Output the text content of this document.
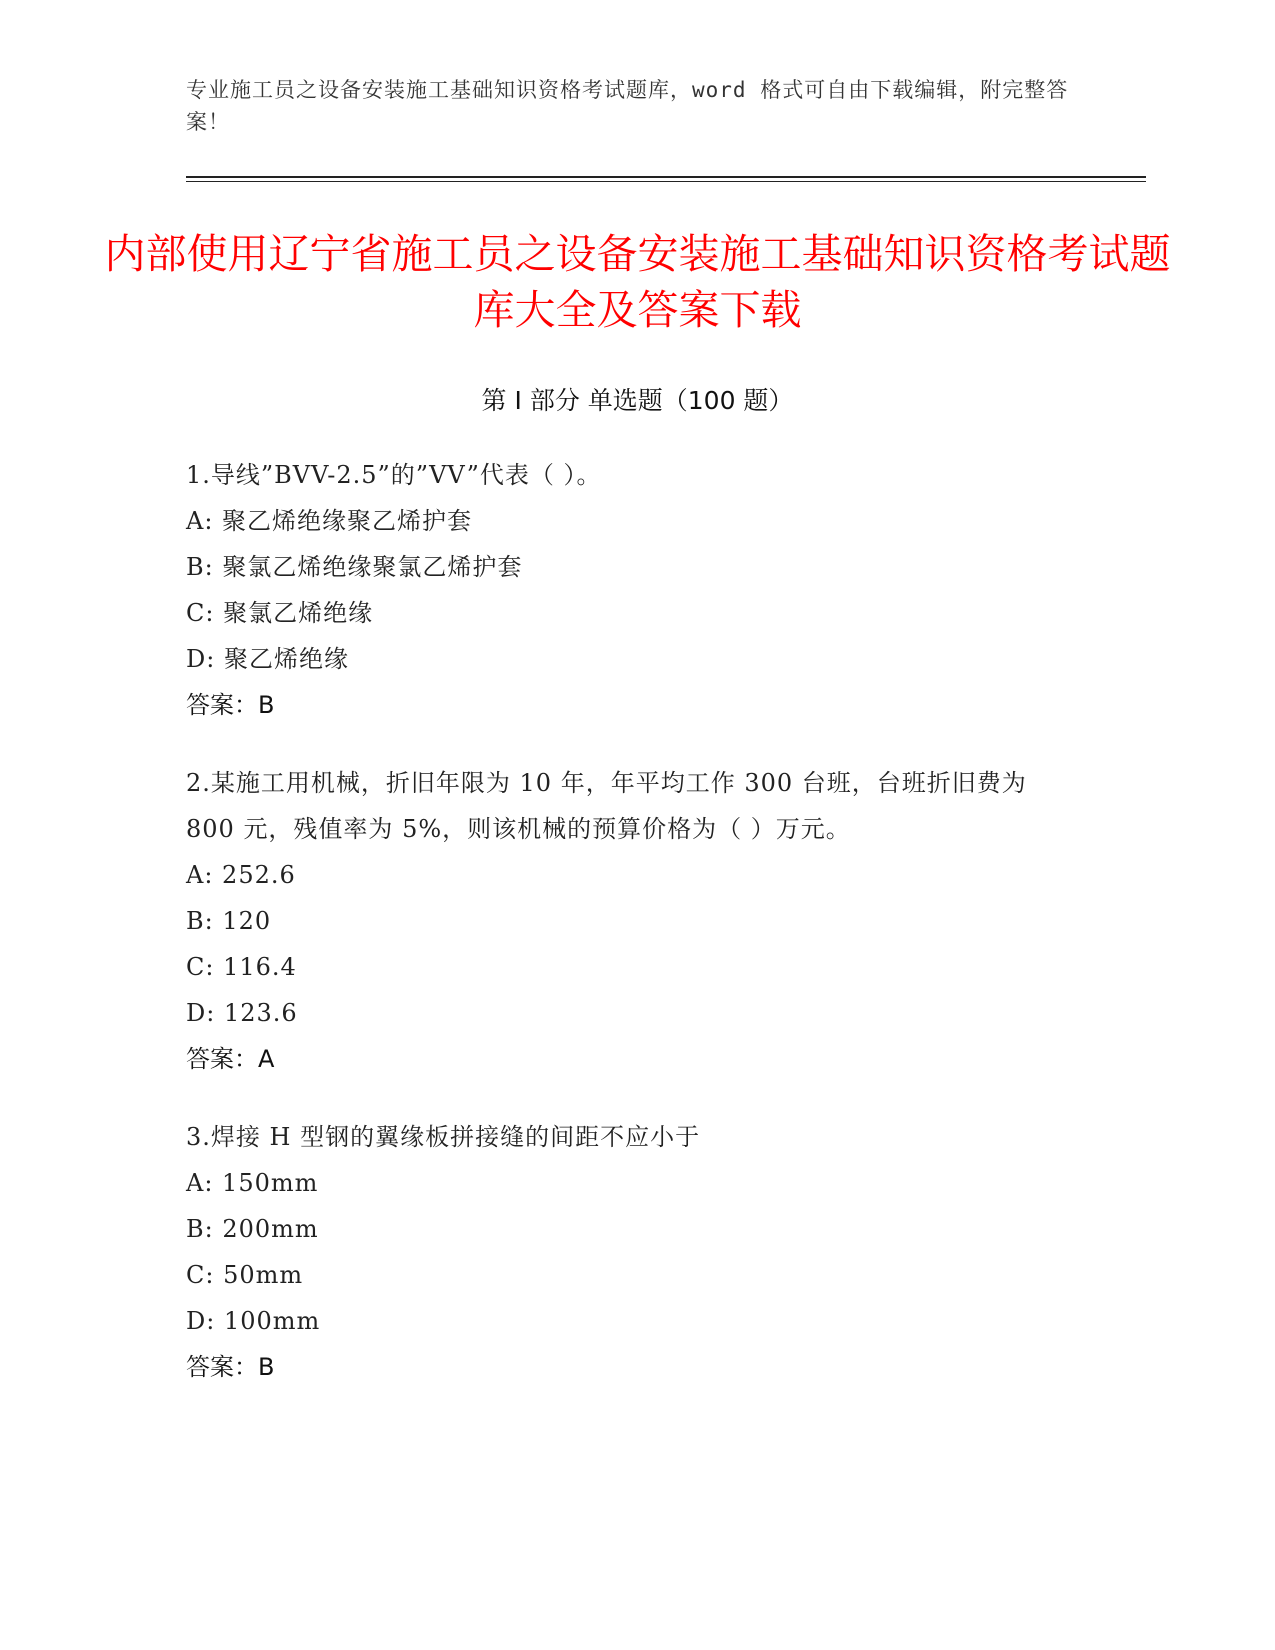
专业施工员之设备安装施工基础知识资格考试题库，word 格式可自由下载编辑，附完整答案！
内部使用辽宁省施工员之设备安装施工基础知识资格考试题库大全及答案下载
第 I 部分 单选题（100 题）
1.导线”BVV-2.5”的”VV”代表（ ）。
A: 聚乙烯绝缘聚乙烯护套
B: 聚氯乙烯绝缘聚氯乙烯护套
C: 聚氯乙烯绝缘
D: 聚乙烯绝缘
答案：B
2.某施工用机械，折旧年限为 10 年，年平均工作 300 台班，台班折旧费为 800 元，残值率为 5%，则该机械的预算价格为（ ）万元。
A: 252.6
B: 120
C: 116.4
D: 123.6
答案：A
3.焊接 H 型钢的翼缘板拼接缝的间距不应小于
A: 150mm
B: 200mm
C: 50mm
D: 100mm
答案：B
